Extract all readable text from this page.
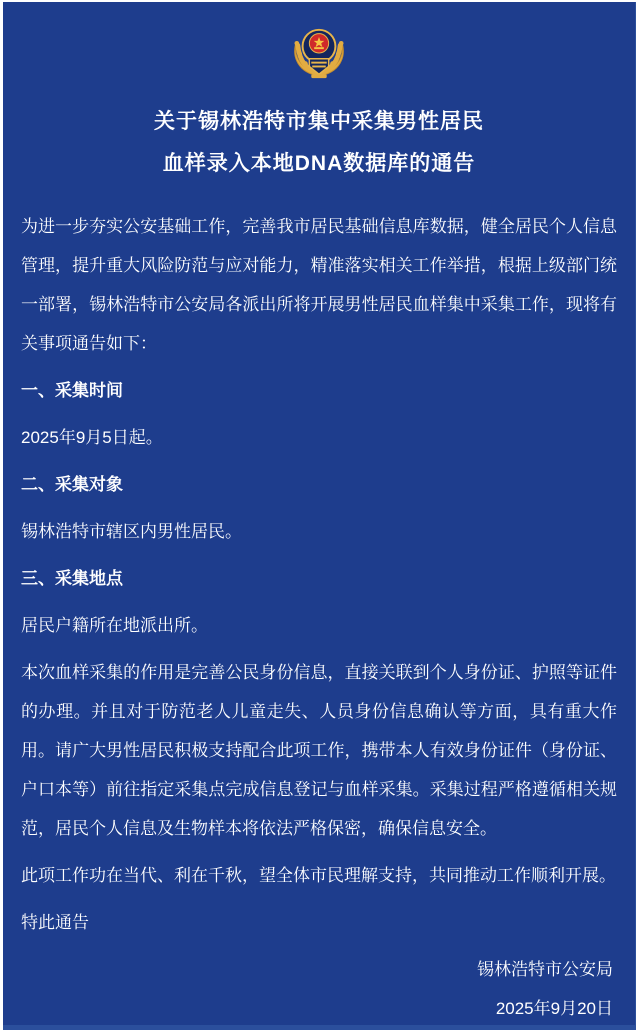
关于锡林浩特市集中采集男性居民
血样录入本地DNA数据库的通告

为进一步夯实公安基础工作，完善我市居民基础信息库数据，健全居民个人信息管理，提升重大风险防范与应对能力，精准落实相关工作举措，根据上级部门统一部署，锡林浩特市公安局各派出所将开展男性居民血样集中采集工作，现将有关事项通告如下：

一、采集时间

2025年9月5日起。

二、采集对象

锡林浩特市辖区内男性居民。

三、采集地点

居民户籍所在地派出所。

本次血样采集的作用是完善公民身份信息，直接关联到个人身份证、护照等证件的办理。并且对于防范老人儿童走失、人员身份信息确认等方面，具有重大作用。请广大男性居民积极支持配合此项工作，携带本人有效身份证件（身份证、户口本等）前往指定采集点完成信息登记与血样采集。采集过程严格遵循相关规范，居民个人信息及生物样本将依法严格保密，确保信息安全。

此项工作功在当代、利在千秋，望全体市民理解支持，共同推动工作顺利开展。

特此通告

锡林浩特市公安局
2025年9月20日
